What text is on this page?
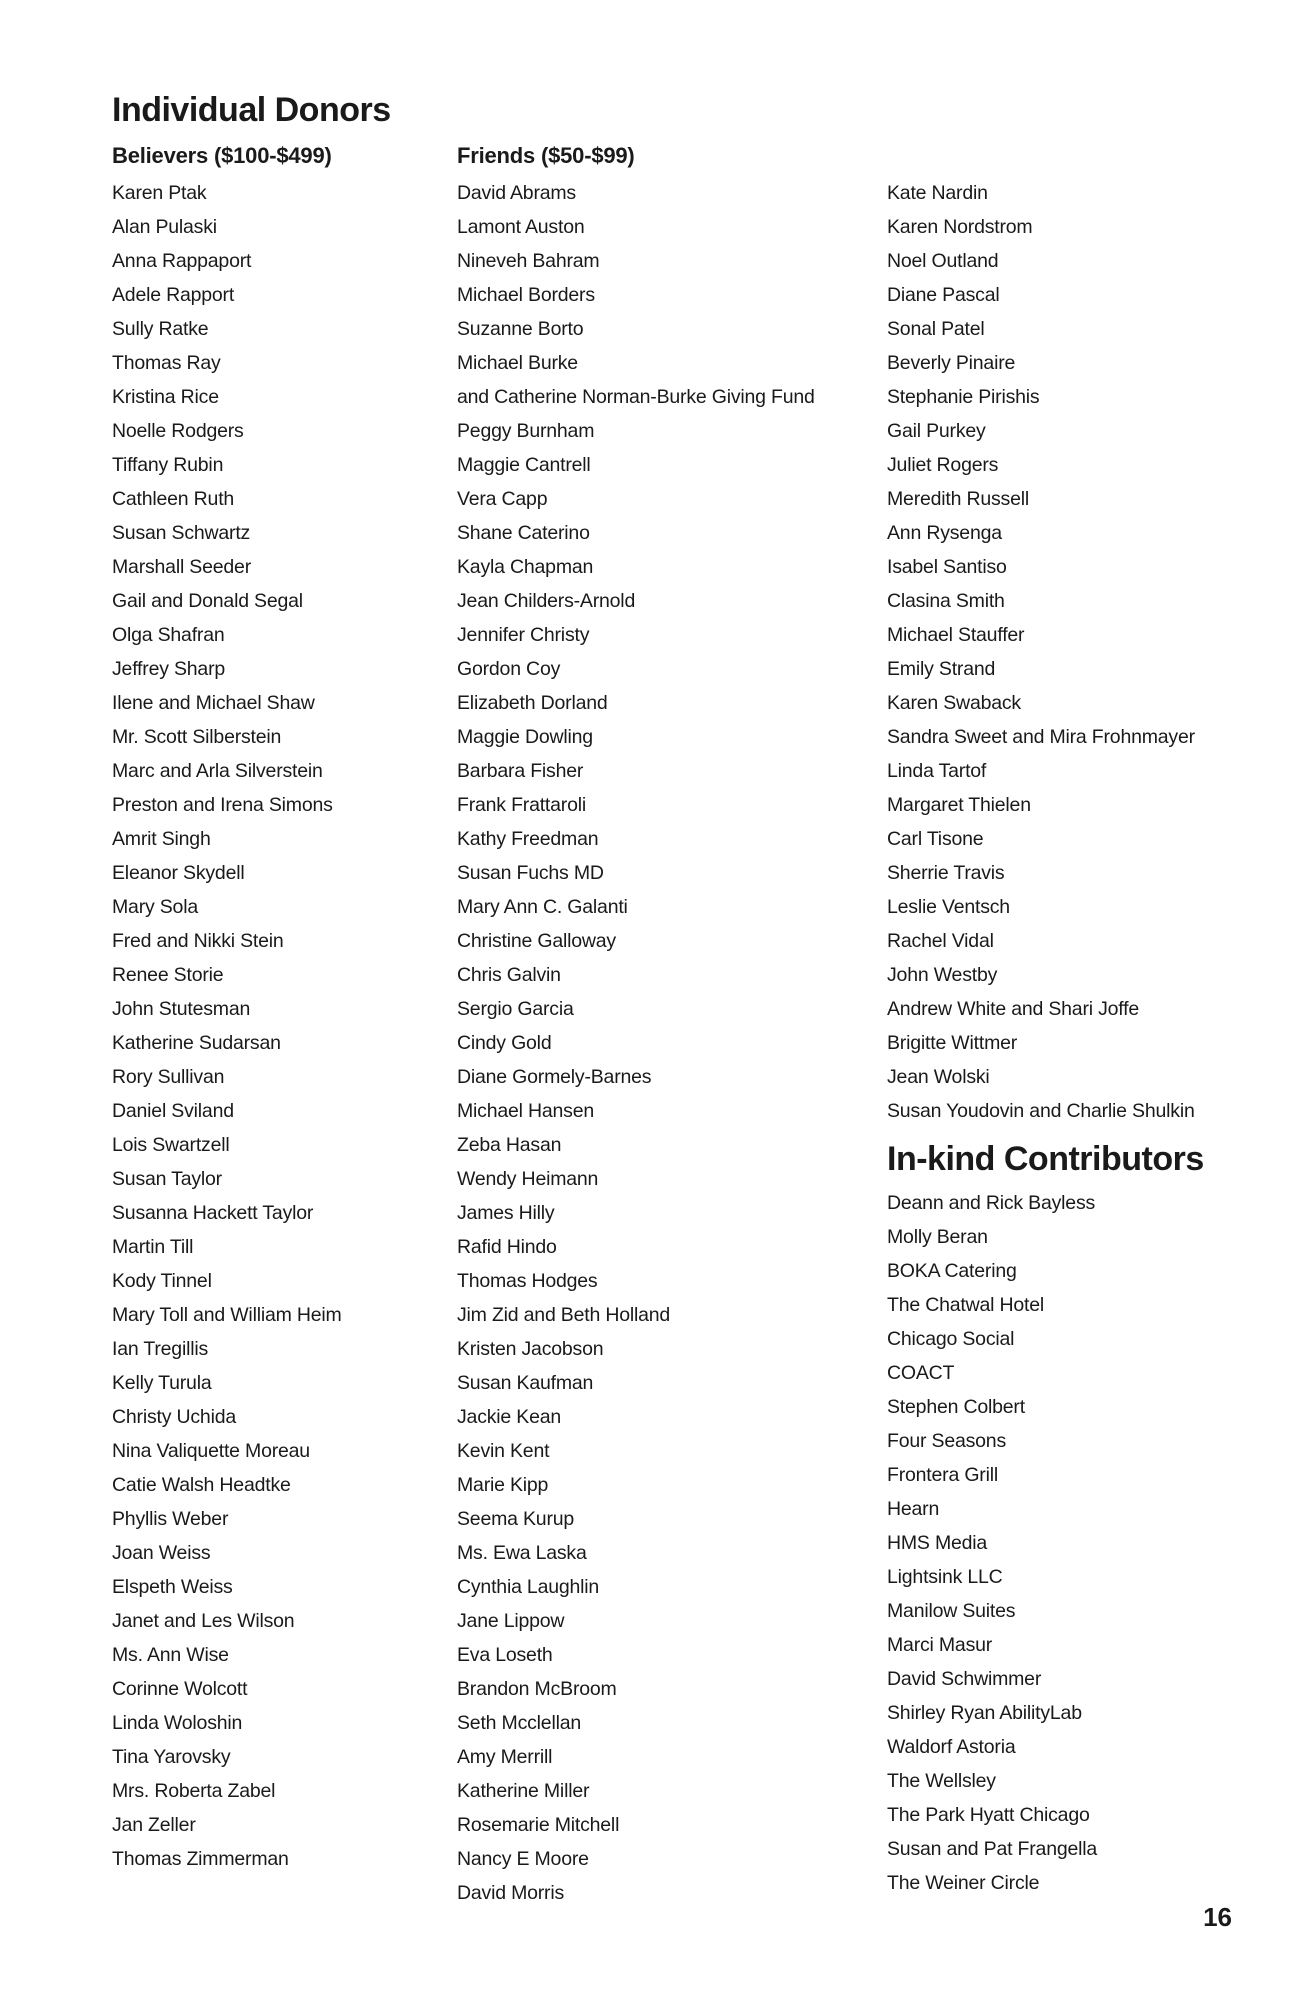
Individual Donors
Believers ($100-$499)	Friends ($50-$99)
Karen Ptak
Alan Pulaski
Anna Rappaport
Adele Rapport
Sully Ratke
Thomas Ray
Kristina Rice
Noelle Rodgers
Tiffany Rubin
Cathleen Ruth
Susan Schwartz
Marshall Seeder
Gail and Donald Segal
Olga Shafran
Jeffrey Sharp
Ilene and Michael Shaw
Mr. Scott Silberstein
Marc and Arla Silverstein
Preston and Irena Simons
Amrit Singh
Eleanor Skydell
Mary Sola
Fred and Nikki Stein
Renee Storie
John Stutesman
Katherine Sudarsan
Rory Sullivan
Daniel Sviland
Lois Swartzell
Susan Taylor
Susanna Hackett Taylor
Martin Till
Kody Tinnel
Mary Toll and William Heim
Ian Tregillis
Kelly Turula
Christy Uchida
Nina Valiquette Moreau
Catie Walsh Headtke
Phyllis Weber
Joan Weiss
Elspeth Weiss
Janet and Les Wilson
Ms. Ann Wise
Corinne Wolcott
Linda Woloshin
Tina Yarovsky
Mrs. Roberta Zabel
Jan Zeller
Thomas Zimmerman
David Abrams
Lamont Auston
Nineveh Bahram
Michael Borders
Suzanne Borto
Michael Burke
and Catherine Norman-Burke Giving Fund
Peggy Burnham
Maggie Cantrell
Vera Capp
Shane Caterino
Kayla Chapman
Jean Childers-Arnold
Jennifer Christy
Gordon Coy
Elizabeth Dorland
Maggie Dowling
Barbara Fisher
Frank Frattaroli
Kathy Freedman
Susan Fuchs MD
Mary Ann C. Galanti
Christine Galloway
Chris Galvin
Sergio Garcia
Cindy Gold
Diane Gormely-Barnes
Michael Hansen
Zeba Hasan
Wendy Heimann
James Hilly
Rafid Hindo
Thomas Hodges
Jim Zid and Beth Holland
Kristen Jacobson
Susan Kaufman
Jackie Kean
Kevin Kent
Marie Kipp
Seema Kurup
Ms. Ewa Laska
Cynthia Laughlin
Jane Lippow
Eva Loseth
Brandon McBroom
Seth Mcclellan
Amy Merrill
Katherine Miller
Rosemarie Mitchell
Nancy E Moore
David Morris
Kate Nardin
Karen Nordstrom
Noel Outland
Diane Pascal
Sonal Patel
Beverly Pinaire
Stephanie Pirishis
Gail Purkey
Juliet Rogers
Meredith Russell
Ann Rysenga
Isabel Santiso
Clasina Smith
Michael Stauffer
Emily Strand
Karen Swaback
Sandra Sweet and Mira Frohnmayer
Linda Tartof
Margaret Thielen
Carl Tisone
Sherrie Travis
Leslie Ventsch
Rachel Vidal
John Westby
Andrew White and Shari Joffe
Brigitte Wittmer
Jean Wolski
Susan Youdovin and Charlie Shulkin
In-kind Contributors
Deann and Rick Bayless
Molly Beran
BOKA Catering
The Chatwal Hotel
Chicago Social
COACT
Stephen Colbert
Four Seasons
Frontera Grill
Hearn
HMS Media
Lightsink LLC
Manilow Suites
Marci Masur
David Schwimmer
Shirley Ryan AbilityLab
Waldorf Astoria
The Wellsley
The Park Hyatt Chicago
Susan and Pat Frangella
The Weiner Circle
16
